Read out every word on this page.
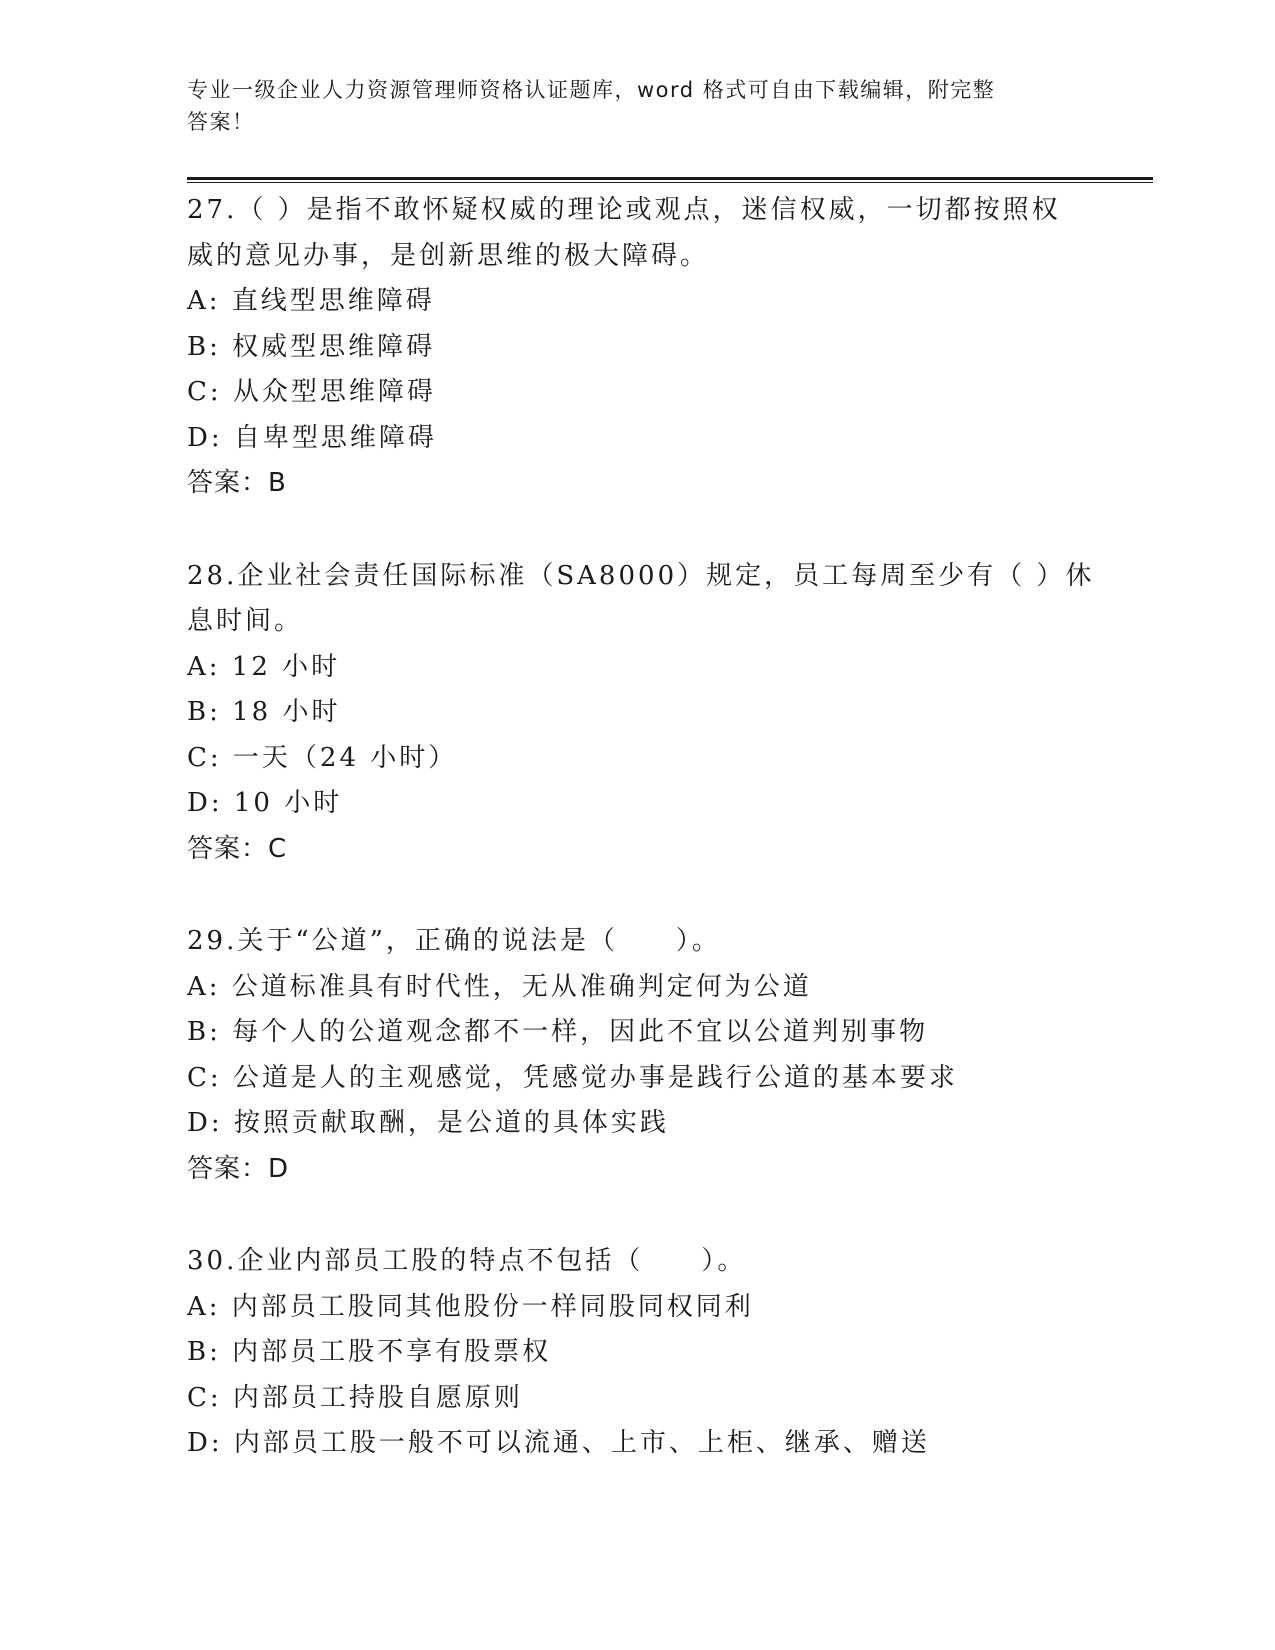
专业一级企业人力资源管理师资格认证题库，word 格式可自由下载编辑，附完整
答案！
27.（ ）是指不敢怀疑权威的理论或观点，迷信权威，一切都按照权
威的意见办事，是创新思维的极大障碍。
A: 直线型思维障碍
B: 权威型思维障碍
C: 从众型思维障碍
D: 自卑型思维障碍
答案：B
28.企业社会责任国际标准（SA8000）规定，员工每周至少有（ ）休
息时间。
A: 12 小时
B: 18 小时
C: 一天（24 小时）
D: 10 小时
答案：C
29.关于“公道”，正确的说法是（　　）。
A: 公道标准具有时代性，无从准确判定何为公道
B: 每个人的公道观念都不一样，因此不宜以公道判别事物
C: 公道是人的主观感觉，凭感觉办事是践行公道的基本要求
D: 按照贡献取酬，是公道的具体实践
答案：D
30.企业内部员工股的特点不包括（　　）。
A: 内部员工股同其他股份一样同股同权同利
B: 内部员工股不享有股票权
C: 内部员工持股自愿原则
D: 内部员工股一般不可以流通、上市、上柜、继承、赠送
